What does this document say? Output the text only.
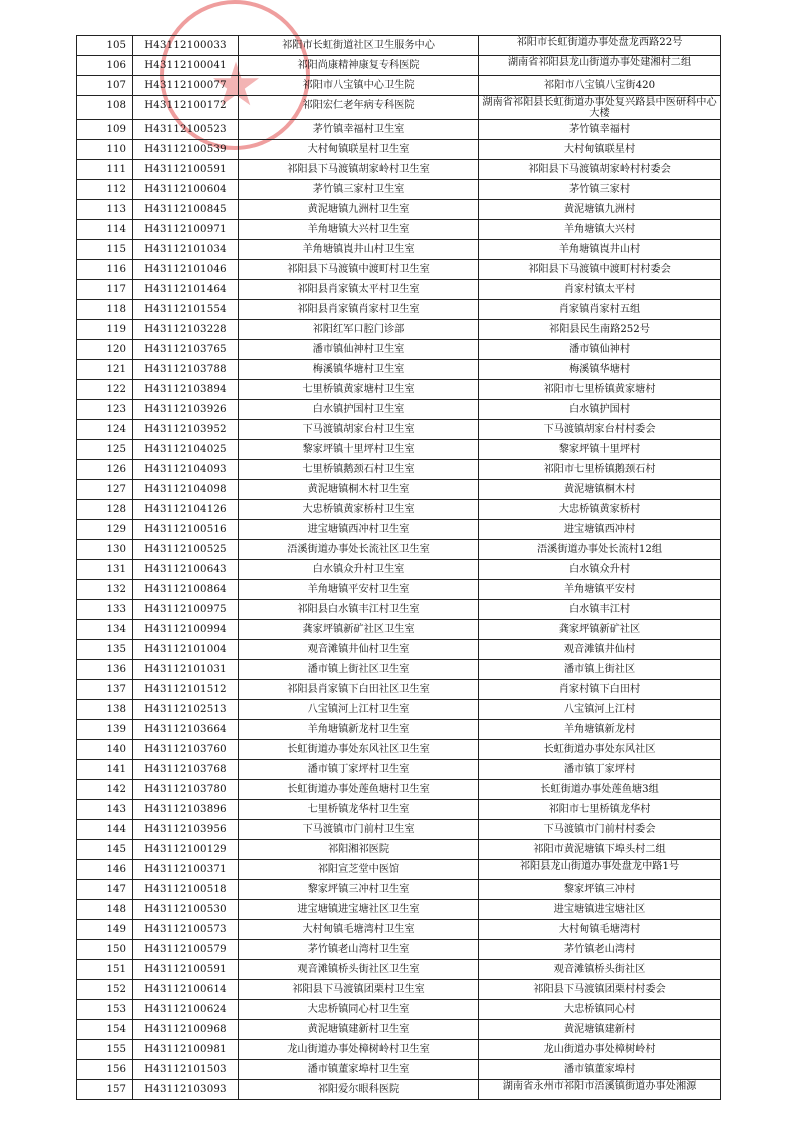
★
105	H43112100033	祁阳市长虹街道社区卫生服务中心	祁阳市长虹街道办事处盘龙西路22号
106	H43112100041	祁阳尚康精神康复专科医院	湖南省祁阳县龙山街道办事处建湘村二组
107	H43112100077	祁阳市八宝镇中心卫生院	祁阳市八宝镇八宝街420
108	H43112100172	祁阳宏仁老年病专科医院	湖南省祁阳县长虹街道办事处复兴路县中医研科中心大楼
109	H43112100523	茅竹镇幸福村卫生室	茅竹镇幸福村
110	H43112100539	大村甸镇联星村卫生室	大村甸镇联星村
111	H43112100591	祁阳县下马渡镇胡家岭村卫生室	祁阳县下马渡镇胡家岭村村委会
112	H43112100604	茅竹镇三家村卫生室	茅竹镇三家村
113	H43112100845	黄泥塘镇九洲村卫生室	黄泥塘镇九洲村
114	H43112100971	羊角塘镇大兴村卫生室	羊角塘镇大兴村
115	H43112101034	羊角塘镇崀井山村卫生室	羊角塘镇崀井山村
116	H43112101046	祁阳县下马渡镇中渡町村卫生室	祁阳县下马渡镇中渡町村村委会
117	H43112101464	祁阳县肖家镇太平村卫生室	肖家村镇太平村
118	H43112101554	祁阳县肖家镇肖家村卫生室	肖家镇肖家村五组
119	H43112103228	祁阳红军口腔门诊部	祁阳县民生南路252号
120	H43112103765	潘市镇仙神村卫生室	潘市镇仙神村
121	H43112103788	梅溪镇华塘村卫生室	梅溪镇华塘村
122	H43112103894	七里桥镇黄家塘村卫生室	祁阳市七里桥镇黄家塘村
123	H43112103926	白水镇护国村卫生室	白水镇护国村
124	H43112103952	下马渡镇胡家台村卫生室	下马渡镇胡家台村村委会
125	H43112104025	黎家坪镇十里坪村卫生室	黎家坪镇十里坪村
126	H43112104093	七里桥镇鹅颈石村卫生室	祁阳市七里桥镇鹅颈石村
127	H43112104098	黄泥塘镇桐木村卫生室	黄泥塘镇桐木村
128	H43112104126	大忠桥镇黄家桥村卫生室	大忠桥镇黄家桥村
129	H43112100516	进宝塘镇西冲村卫生室	进宝塘镇西冲村
130	H43112100525	浯溪街道办事处长流社区卫生室	浯溪街道办事处长流村12组
131	H43112100643	白水镇众升村卫生室	白水镇众升村
132	H43112100864	羊角塘镇平安村卫生室	羊角塘镇平安村
133	H43112100975	祁阳县白水镇丰江村卫生室	白水镇丰江村
134	H43112100994	龚家坪镇新矿社区卫生室	龚家坪镇新矿社区
135	H43112101004	观音滩镇井仙村卫生室	观音滩镇井仙村
136	H43112101031	潘市镇上街社区卫生室	潘市镇上街社区
137	H43112101512	祁阳县肖家镇下白田社区卫生室	肖家村镇下白田村
138	H43112102513	八宝镇河上江村卫生室	八宝镇河上江村
139	H43112103664	羊角塘镇新龙村卫生室	羊角塘镇新龙村
140	H43112103760	长虹街道办事处东风社区卫生室	长虹街道办事处东风社区
141	H43112103768	潘市镇丁家坪村卫生室	潘市镇丁家坪村
142	H43112103780	长虹街道办事处莲鱼塘村卫生室	长虹街道办事处莲鱼塘3组
143	H43112103896	七里桥镇龙华村卫生室	祁阳市七里桥镇龙华村
144	H43112103956	下马渡镇市门前村卫生室	下马渡镇市门前村村委会
145	H43112100129	祁阳湘祁医院	祁阳市黄泥塘镇下埠头村二组
146	H43112100371	祁阳宣芝堂中医馆	祁阳县龙山街道办事处盘龙中路1号
147	H43112100518	黎家坪镇三冲村卫生室	黎家坪镇三冲村
148	H43112100530	进宝塘镇进宝塘社区卫生室	进宝塘镇进宝塘社区
149	H43112100573	大村甸镇毛塘湾村卫生室	大村甸镇毛塘湾村
150	H43112100579	茅竹镇老山湾村卫生室	茅竹镇老山湾村
151	H43112100591	观音滩镇桥头街社区卫生室	观音滩镇桥头街社区
152	H43112100614	祁阳县下马渡镇团栗村卫生室	祁阳县下马渡镇团栗村村委会
153	H43112100624	大忠桥镇同心村卫生室	大忠桥镇同心村
154	H43112100968	黄泥塘镇建新村卫生室	黄泥塘镇建新村
155	H43112100981	龙山街道办事处樟树岭村卫生室	龙山街道办事处樟树岭村
156	H43112101503	潘市镇董家埠村卫生室	潘市镇董家埠村
157	H43112103093	祁阳爱尔眼科医院	湖南省永州市祁阳市浯溪镇街道办事处湘源
